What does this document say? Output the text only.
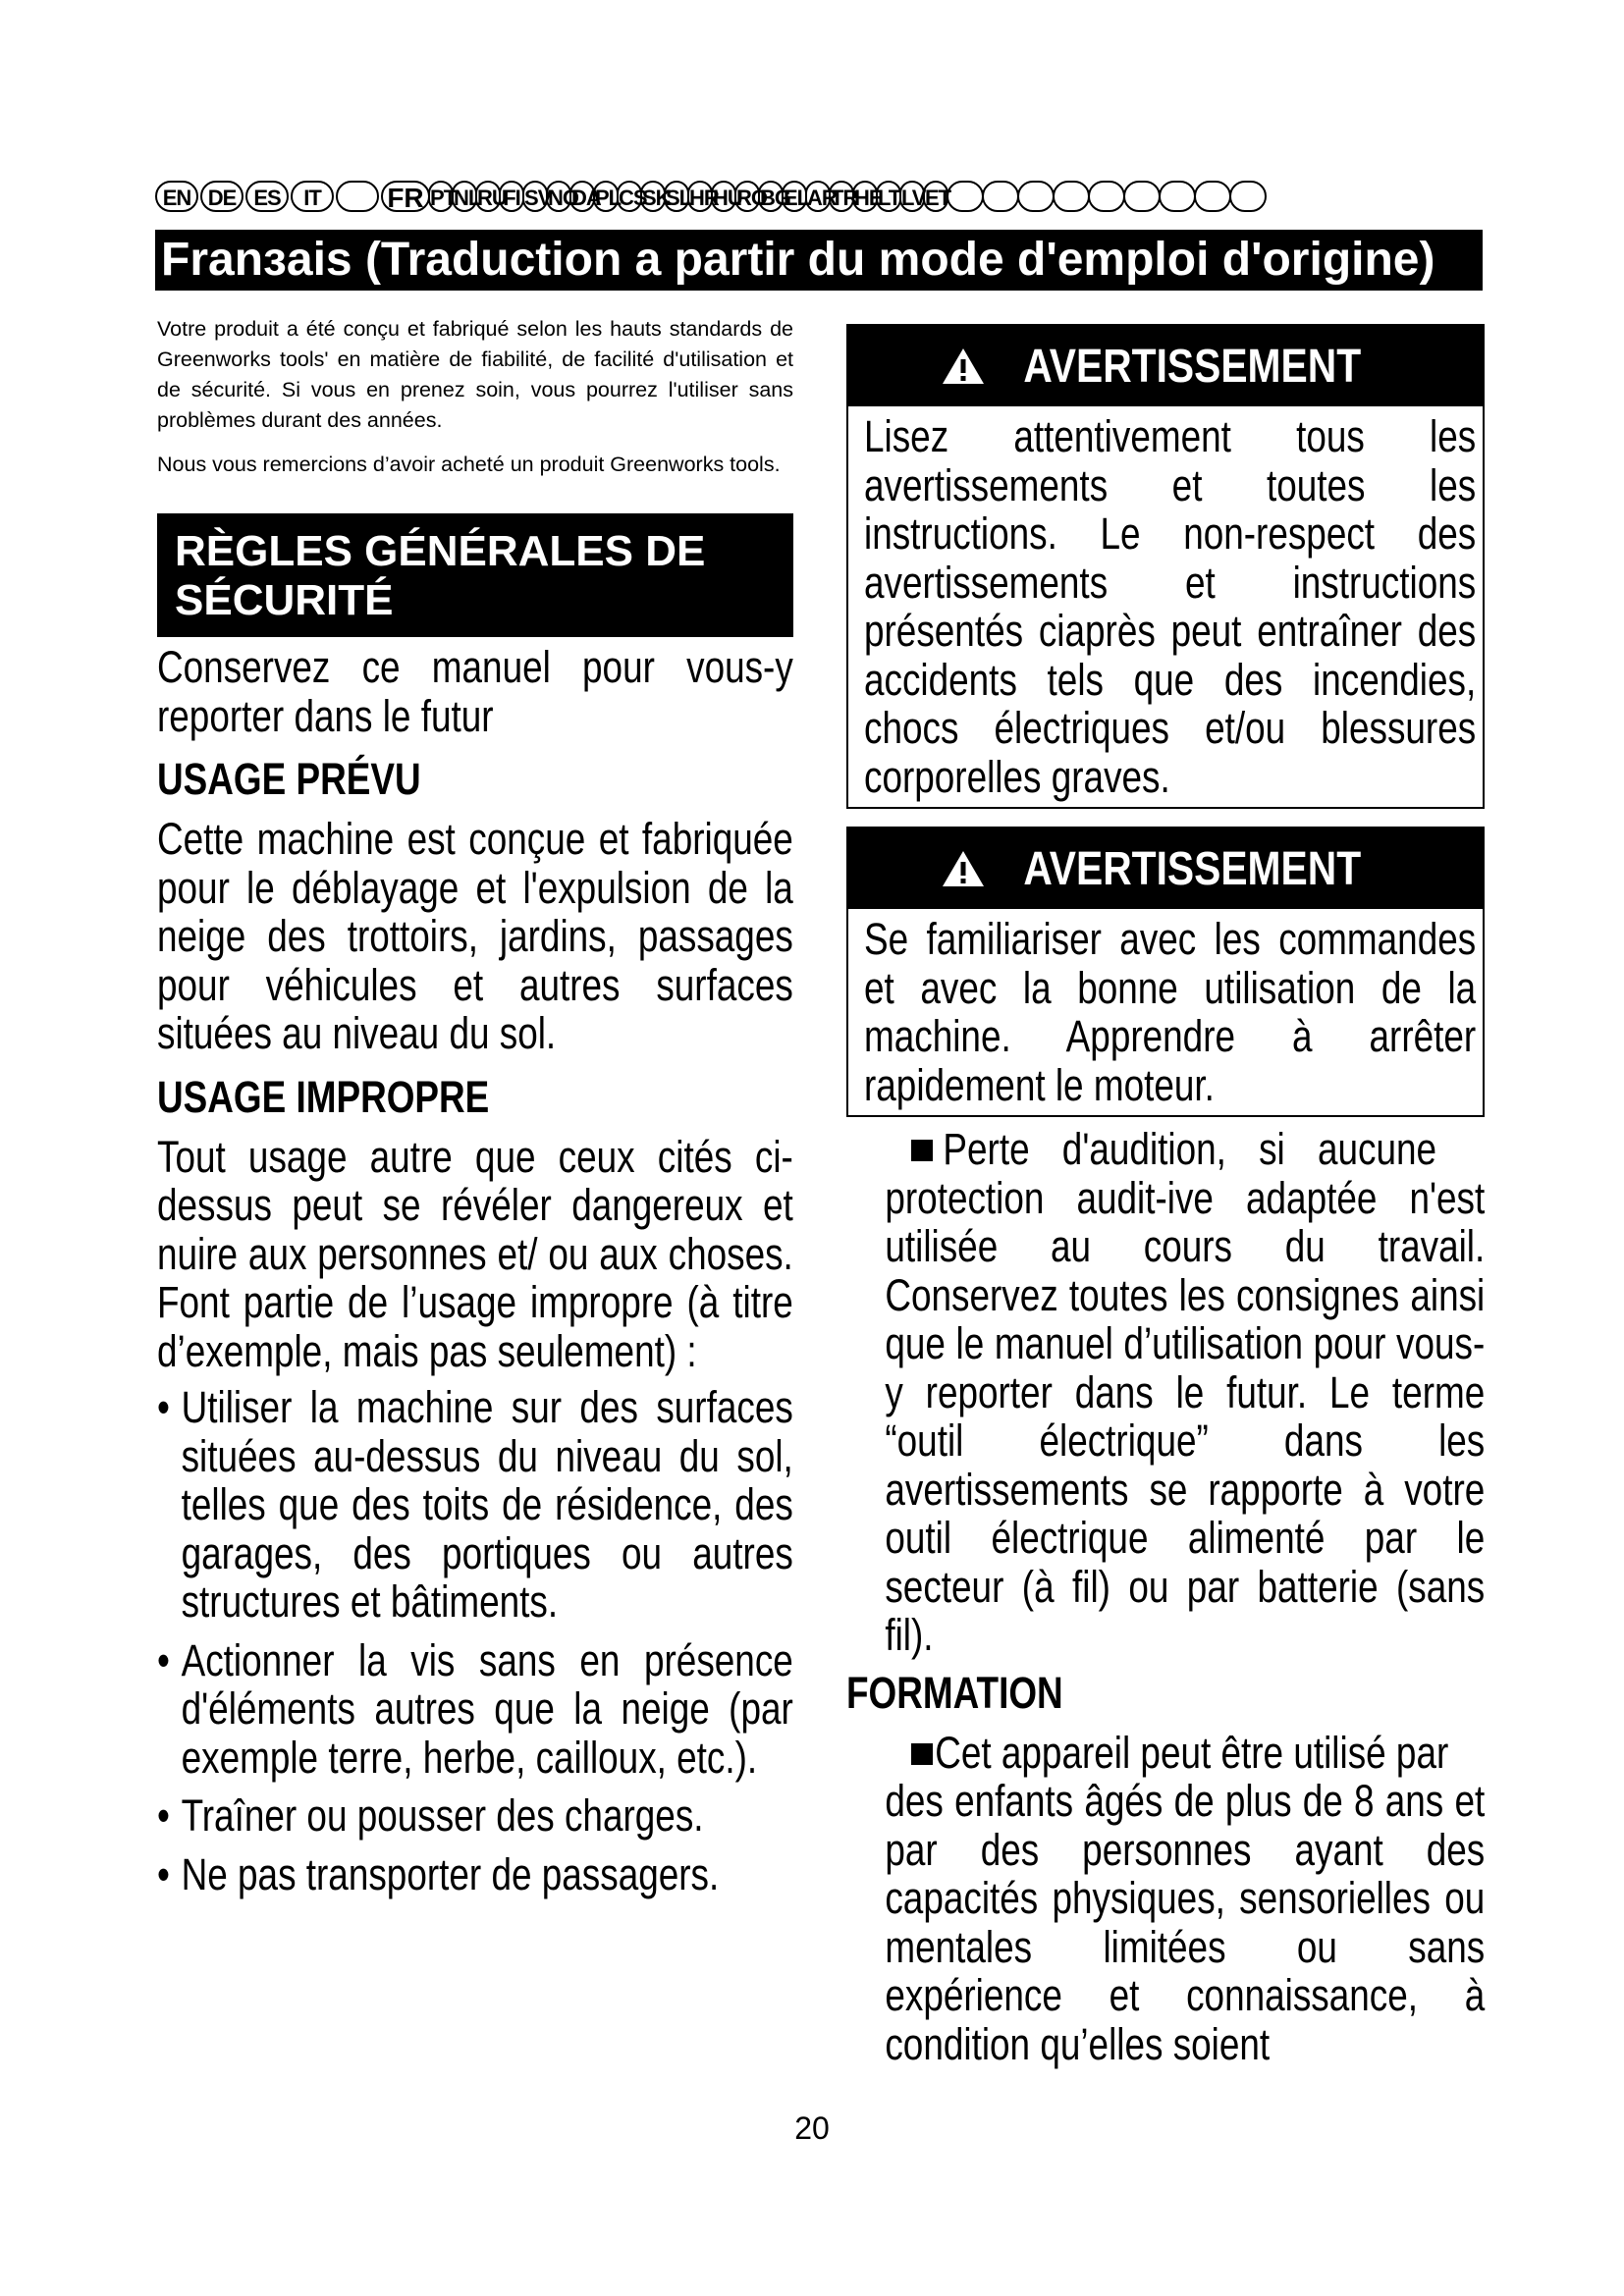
EN DE ES	IT	FR PT
NL
RU
FI SV
NO
DA
PL
CS
SK
SL
HR
HU
RO
BG
EL
AR
TR
HE
LT LV ET
Franзais (Traduction a partir du mode d'emploi d'origine)

Votre produit a été conçu et fabriqué selon les hauts standards de Greenworks tools' en matière de fiabilité, de facilité d'utilisation et de sécurité. Si vous en prenez soin, vous pourrez l'utiliser sans problèmes durant des années.

Nous vous remercions d’avoir acheté un produit Greenworks tools.

RÈGLES GÉNÉRALES DE
SÉCURITÉ

Conservez ce manuel pour vous-y reporter dans le futur

USAGE PRÉVU

Cette machine est conçue et fabriquée pour le déblayage et l'expulsion de la neige des trottoirs, jardins, passages pour véhicules et autres surfaces situées au niveau du sol.

USAGE IMPROPRE

Tout usage autre que ceux cités ci-dessus peut se révéler dangereux et nuire aux personnes et/ ou aux choses. Font partie de l’usage impropre (à titre d’exemple, mais pas seulement) :

• Utiliser la machine sur des surfaces situées au-dessus du niveau du sol, telles que des toits de résidence, des garages, des portiques ou autres structures et bâtiments.
• Actionner la vis sans en présence d'éléments autres que la neige (par exemple terre, herbe, cailloux, etc.).
• Traîner ou pousser des charges.
• Ne pas transporter de passagers.
AVERTISSEMENT

Lisez attentivement tous les avertissements et toutes les instructions. Le non-respect des avertissements et instructions présentés ciaprès peut entraîner des accidents tels que des incendies, chocs électriques et/ou blessures corporelles graves.

AVERTISSEMENT

Se familiariser avec les commandes et avec la bonne utilisation de la machine. Apprendre à arrêter rapidement le moteur.

Perte d'audition, si aucune

protection audit-ive adaptée n'est utilisée au cours du travail. Conservez toutes les consignes ainsi que le manuel d’utilisation pour vous-y reporter dans le futur. Le terme “outil électrique” dans les avertissements se rapporte à votre outil électrique alimenté par le secteur (à fil) ou par batterie (sans fil).

FORMATION

Cet appareil peut être utilisé par

des enfants âgés de plus de 8 ans et par des personnes ayant des capacités physiques, sensorielles ou mentales limitées ou sans expérience et connaissance, à condition qu’elles soient

20
